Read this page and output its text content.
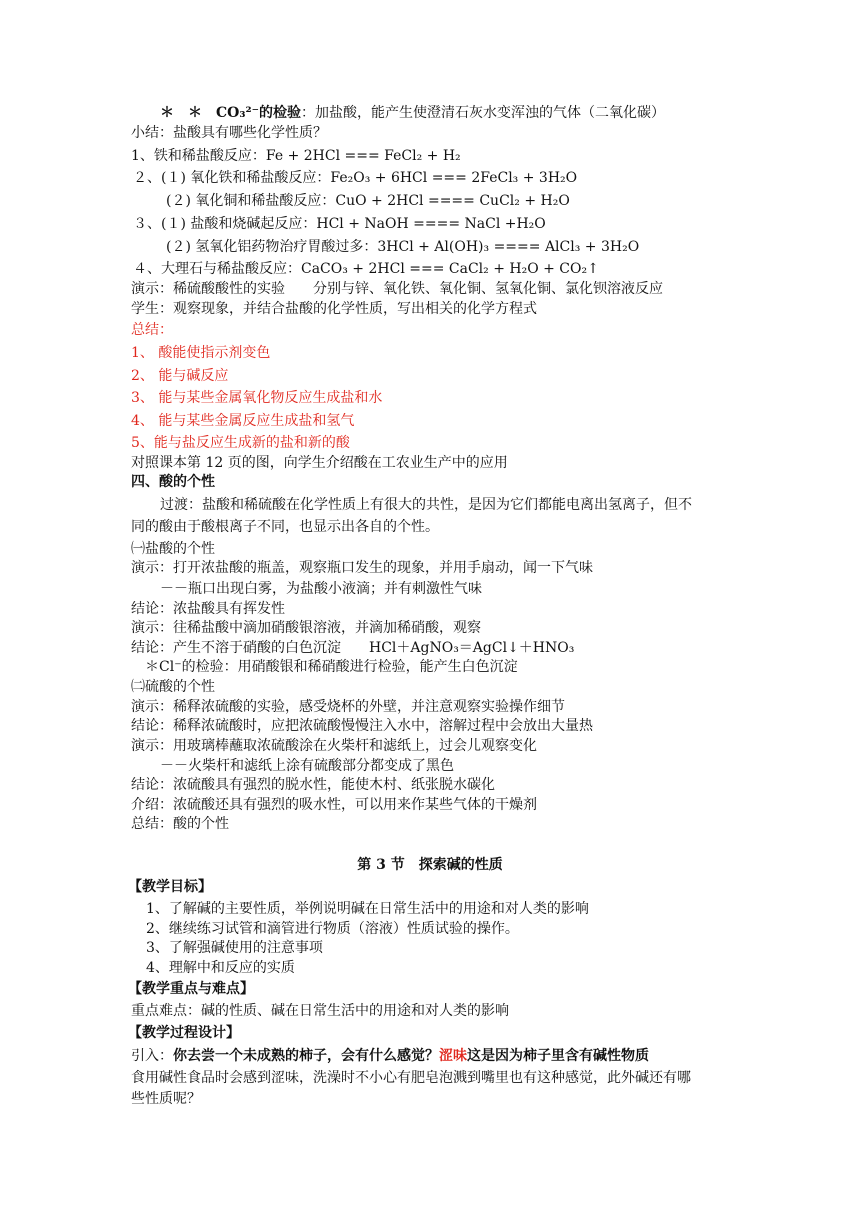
＊　＊　CO₃²⁻的检验：加盐酸，能产生使澄清石灰水变浑浊的气体（二氧化碳）
小结：盐酸具有哪些化学性质？
1、铁和稀盐酸反应：Fe + 2HCl === FeCl₂ + H₂
２、(１) 氧化铁和稀盐酸反应：Fe₂O₃ + 6HCl === 2FeCl₃ + 3H₂O
(２) 氧化铜和稀盐酸反应：CuO + 2HCl ==== CuCl₂ + H₂O
３、(１) 盐酸和烧碱起反应：HCl + NaOH ==== NaCl +H₂O
(２) 氢氧化铝药物治疗胃酸过多：3HCl + Al(OH)₃ ==== AlCl₃ + 3H₂O
４、大理石与稀盐酸反应：CaCO₃ + 2HCl === CaCl₂ + H₂O + CO₂↑
演示：稀硫酸酸性的实验　　分别与锌、氧化铁、氧化铜、氢氧化铜、氯化钡溶液反应
学生：观察现象，并结合盐酸的化学性质，写出相关的化学方程式
总结：
1、 酸能使指示剂变色
2、 能与碱反应
3、 能与某些金属氧化物反应生成盐和水
4、 能与某些金属反应生成盐和氢气
5、能与盐反应生成新的盐和新的酸
对照课本第 12 页的图，向学生介绍酸在工农业生产中的应用
四、酸的个性
过渡：盐酸和稀硫酸在化学性质上有很大的共性，是因为它们都能电离出氢离子，但不
同的酸由于酸根离子不同，也显示出各自的个性。
㈠盐酸的个性
演示：打开浓盐酸的瓶盖，观察瓶口发生的现象，并用手扇动，闻一下气味
－－瓶口出现白雾，为盐酸小液滴；并有刺激性气味
结论：浓盐酸具有挥发性
演示：往稀盐酸中滴加硝酸银溶液，并滴加稀硝酸，观察
结论：产生不溶于硝酸的白色沉淀　　HCl＋AgNO₃＝AgCl↓＋HNO₃
＊Cl⁻的检验：用硝酸银和稀硝酸进行检验，能产生白色沉淀
㈡硫酸的个性
演示：稀释浓硫酸的实验，感受烧杯的外壁，并注意观察实验操作细节
结论：稀释浓硫酸时，应把浓硫酸慢慢注入水中，溶解过程中会放出大量热
演示：用玻璃棒蘸取浓硫酸涂在火柴杆和滤纸上，过会儿观察变化
－－火柴杆和滤纸上涂有硫酸部分都变成了黑色
结论：浓硫酸具有强烈的脱水性，能使木村、纸张脱水碳化
介绍：浓硫酸还具有强烈的吸水性，可以用来作某些气体的干燥剂
总结：酸的个性
第 3 节　探索碱的性质
【教学目标】
1、了解碱的主要性质，举例说明碱在日常生活中的用途和对人类的影响
2、继续练习试管和滴管进行物质（溶液）性质试验的操作。
3、了解强碱使用的注意事项
4、理解中和反应的实质
【教学重点与难点】
重点难点：碱的性质、碱在日常生活中的用途和对人类的影响
【教学过程设计】
引入：你去尝一个未成熟的柿子，会有什么感觉？涩味这是因为柿子里含有碱性物质
食用碱性食品时会感到涩味，洗澡时不小心有肥皂泡溅到嘴里也有这种感觉，此外碱还有哪
些性质呢？
